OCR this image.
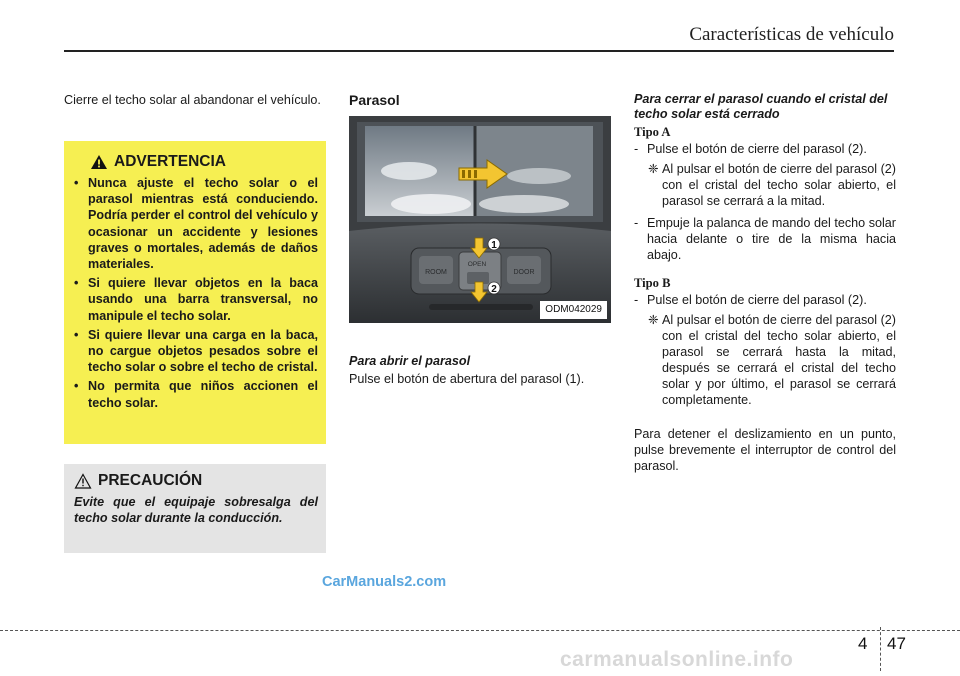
Características de vehículo

Cierre el techo solar al abandonar el vehículo.

ADVERTENCIA
• Nunca ajuste el techo solar o el parasol mientras está conduciendo. Podría perder el control del vehículo y ocasionar un accidente y lesiones graves o mortales, además de daños materiales.
• Si quiere llevar objetos en la baca usando una barra transversal, no manipule el techo solar.
• Si quiere llevar una carga en la baca, no cargue objetos pesados sobre el techo solar o sobre el techo de cristal.
• No permita que niños accionen el techo solar.
PRECAUCIÓN

Evite que el equipaje sobresalga del techo solar durante la conducción.

Parasol
ROOM	DOOR
OPEN
1
2
ODM042029
Para abrir el parasol

Pulse el botón de abertura del parasol (1).

Para cerrar el parasol cuando el cristal del techo solar está cerrado
Tipo A

- Pulse el botón de cierre del parasol (2).

❈ Al pulsar el botón de cierre del parasol (2) con el cristal del techo solar abierto, el parasol se cerrará a la mitad.

- Empuje la palanca de mando del techo solar hacia delante o tire de la misma hacia abajo.

Tipo B

- Pulse el botón de cierre del parasol (2).

❈ Al pulsar el botón de cierre del parasol (2) con el cristal del techo solar abierto, el parasol se cerrará hasta la mitad, después se cerrará el cristal del techo solar y por último, el parasol se cerrará completamente.

Para detener el deslizamiento en un punto, pulse brevemente el interruptor de control del parasol.

CarManuals2.com
4 47
carmanualsonline.info
